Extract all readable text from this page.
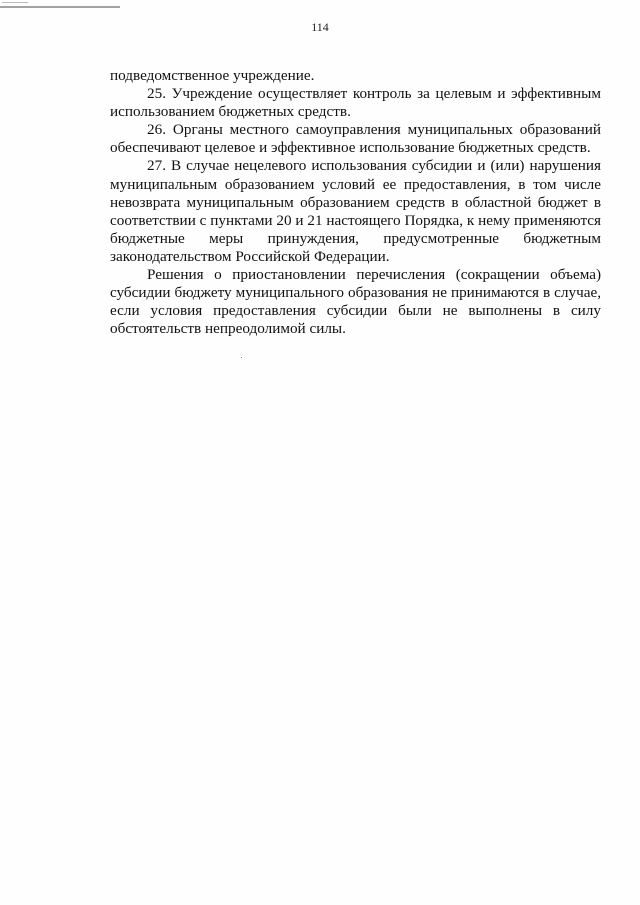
114

подведомственное учреждение.

25. Учреждение осуществляет контроль за целевым и эффективным использованием бюджетных средств.

26. Органы местного самоуправления муниципальных образований обеспечивают целевое и эффективное использование бюджетных средств.

27. В случае нецелевого использования субсидии и (или) нарушения муниципальным образованием условий ее предоставления, в том числе невозврата муниципальным образованием средств в областной бюджет в соответствии с пунктами 20 и 21 настоящего Порядка, к нему применяются бюджетные меры принуждения, предусмотренные бюджетным законодательством Российской Федерации.

Решения о приостановлении перечисления (сокращении объема) субсидии бюджету муниципального образования не принимаются в случае, если условия предоставления субсидии были не выполнены в силу обстоятельств непреодолимой силы.
